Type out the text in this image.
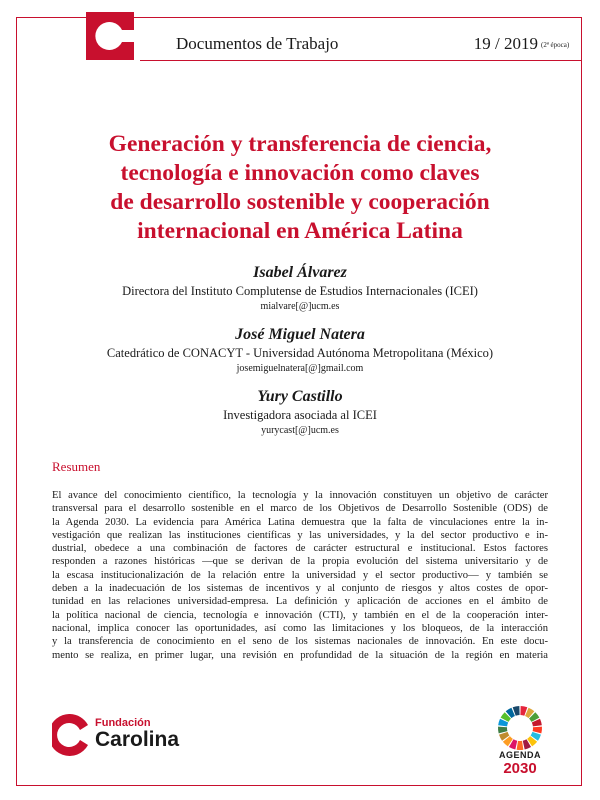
Documentos de Trabajo	19 / 2019 (2ª época)
Generación y transferencia de ciencia,
tecnología e innovación como claves
de desarrollo sostenible y cooperación
internacional en América Latina
Isabel Álvarez
Directora del Instituto Complutense de Estudios Internacionales (ICEI)
mialvare[@]ucm.es
José Miguel Natera
Catedrático de CONACYT - Universidad Autónoma Metropolitana (México)
josemiguelnatera[@]gmail.com
Yury Castillo
Investigadora asociada al ICEI
yurycast[@]ucm.es
Resumen
El avance del conocimiento científico, la tecnología y la innovación constituyen un objetivo de carácter
transversal para el desarrollo sostenible en el marco de los Objetivos de Desarrollo Sostenible (ODS) de
la Agenda 2030. La evidencia para América Latina demuestra que la falta de vinculaciones entre la in-
vestigación que realizan las instituciones científicas y las universidades, y la del sector productivo e in-
dustrial, obedece a una combinación de factores de carácter estructural e institucional. Estos factores
responden a razones históricas —que se derivan de la propia evolución del sistema universitario y de
la escasa institucionalización de la relación entre la universidad y el sector productivo— y también se
deben a la inadecuación de los sistemas de incentivos y al conjunto de riesgos y altos costes de opor-
tunidad en las relaciones universidad-empresa. La definición y aplicación de acciones en el ámbito de
la política nacional de ciencia, tecnología e innovación (CTI), y también en el de la cooperación inter-
nacional, implica conocer las oportunidades, así como las limitaciones y los bloqueos, de la interacción
y la transferencia de conocimiento en el seno de los sistemas nacionales de innovación. En este docu-
mento se realiza, en primer lugar, una revisión en profundidad de la situación de la región en materia
Fundación
Carolina
AGENDA
2030
